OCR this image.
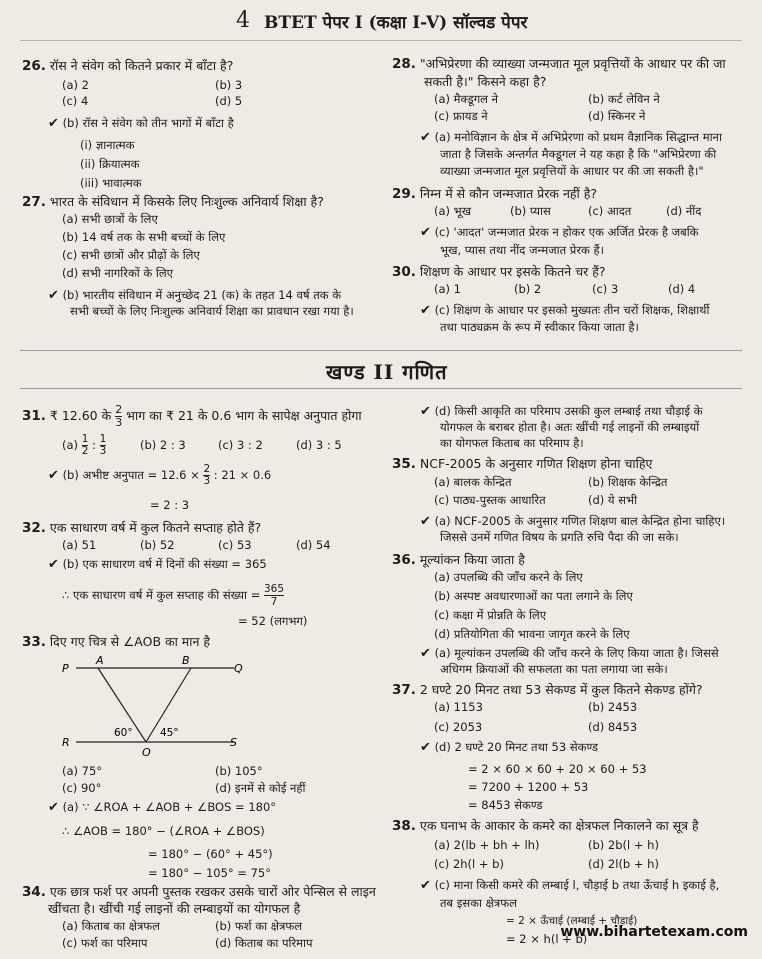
4 BTET पेपर I (कक्षा I-V) सॉल्वड पेपर
26. रॉस ने संवेग को कितने प्रकार में बाँटा है?
(a) 2	(b) 3
(c) 4	(d) 5
✔ (b) रॉस ने संवेग को तीन भागों में बाँटा है
(i) ज्ञानात्मक
(ii) क्रियात्मक
(iii) भावात्मक
27. भारत के संविधान में किसके लिए निःशुल्क अनिवार्य शिक्षा है?
(a) सभी छात्रों के लिए
(b) 14 वर्ष तक के सभी बच्चों के लिए
(c) सभी छात्रों और प्रौढ़ों के लिए
(d) सभी नागरिकों के लिए
✔ (b) भारतीय संविधान में अनुच्छेद 21 (क) के तहत 14 वर्ष तक के
सभी बच्चों के लिए निःशुल्क अनिवार्य शिक्षा का प्रावधान रखा गया है।
28. "अभिप्रेरणा की व्याख्या जन्मजात मूल प्रवृत्तियों के आधार पर की जा
सकती है।" किसने कहा है?
(a) मैक्डूगल ने	(b) कर्ट लेविन ने
(c) फ्रायड ने	(d) स्किनर ने
✔ (a) मनोविज्ञान के क्षेत्र में अभिप्रेरणा को प्रथम वैज्ञानिक सिद्धान्त माना
जाता है जिसके अन्तर्गत मैक्डूगल ने यह कहा है कि "अभिप्रेरणा की
व्याख्या जन्मजात मूल प्रवृत्तियों के आधार पर की जा सकती है।"
29. निम्न में से कौन जन्मजात प्रेरक नहीं है?
(a) भूख	(b) प्यास	(c) आदत	(d) नींद
✔ (c) 'आदत' जन्मजात प्रेरक न होकर एक अर्जित प्रेरक है जबकि
भूख, प्यास तथा नींद जन्मजात प्रेरक हैं।
30. शिक्षण के आधार पर इसके कितने चर हैं?
(a) 1	(b) 2	(c) 3	(d) 4
✔ (c) शिक्षण के आधार पर इसको मुख्यतः तीन चरों शिक्षक, शिक्षार्थी
तथा पाठ्यक्रम के रूप में स्वीकार किया जाता है।
खण्ड II गणित
31. ₹ 12.60 के $\frac{2}{3}$ भाग का ₹ 21 के 0.6 भाग के सापेक्ष अनुपात होगा
$(a) \frac{1}{2}$ : $\frac{1}{3}$	(b) 2 : 3	(c) 3 : 2	(d) 3 : 5
✔ (b) अभीष्ट अनुपात = $12.6 \times \frac{2}{3}$ : 21 × 0.6
= 2 : 3
32. एक साधारण वर्ष में कुल कितने सप्ताह होते हैं?
(a) 51	(b) 52	(c) 53	(d) 54
✔ (b) एक साधारण वर्ष में दिनों की संख्या = 365
∴ एक साधारण वर्ष में कुल सप्ताह की संख्या = $\frac{365}{7}$
= 52 (लगभग)
33. दिए गए चित्र से ∠AOB का मान है
P
A	B
Q
R
O
S
60°	45°
(a) 75°	(b) 105°
(c) 90°	(d) इनमें से कोई नहीं
✔ (a) ∵ ∠ROA + ∠AOB + ∠BOS = 180°
∴ ∠AOB = 180° − (∠ROA + ∠BOS)
= 180° − (60° + 45°)
= 180° − 105° = 75°
34. एक छात्र फर्श पर अपनी पुस्तक रखकर उसके चारों ओर पेन्सिल से लाइन
खींचता है। खींची गई लाइनों की लम्बाइयों का योगफल है
(a) किताब का क्षेत्रफल	(b) फर्श का क्षेत्रफल
(c) फर्श का परिमाप	(d) किताब का परिमाप
✔ (d) किसी आकृति का परिमाप उसकी कुल लम्बाई तथा चौड़ाई के
योगफल के बराबर होता है। अतः खींची गई लाइनों की लम्बाइयों
का योगफल किताब का परिमाप है।
35. NCF-2005 के अनुसार गणित शिक्षण होना चाहिए
(a) बालक केन्द्रित	(b) शिक्षक केन्द्रित
(c) पाठ्य-पुस्तक आधारित	(d) ये सभी
✔ (a) NCF-2005 के अनुसार गणित शिक्षण बाल केन्द्रित होना चाहिए।
जिससे उनमें गणित विषय के प्रगति रुचि पैदा की जा सके।
36. मूल्यांकन किया जाता है
(a) उपलब्धि की जाँच करने के लिए
(b) अस्पष्ट अवधारणाओं का पता लगाने के लिए
(c) कक्षा में प्रोन्नति के लिए
(d) प्रतियोगिता की भावना जागृत करने के लिए
✔ (a) मूल्यांकन उपलब्धि की जाँच करने के लिए किया जाता है। जिससे
अधिगम क्रियाओं की सफलता का पता लगाया जा सके।
37. 2 घण्टे 20 मिनट तथा 53 सेकण्ड में कुल कितने सेकण्ड होंगे?
(a) 1153	(b) 2453
(c) 2053	(d) 8453
✔ (d) 2 घण्टे 20 मिनट तथा 53 सेकण्ड
= 2 × 60 × 60 + 20 × 60 + 53
= 7200 + 1200 + 53
= 8453 सेकण्ड
38. एक घनाभ के आकार के कमरे का क्षेत्रफल निकालने का सूत्र है
(a) 2(lb + bh + lh)	(b) 2b(l + h)
(c) 2h(l + b)	(d) 2l(b + h)
✔ (c) माना किसी कमरे की लम्बाई l, चौड़ाई b तथा ऊँचाई h इकाई है,
तब इसका क्षेत्रफल
= 2 × ऊँचाई (लम्बाई + चौड़ाई)
= 2 × h(l + b)
www.bihartetexam.com
